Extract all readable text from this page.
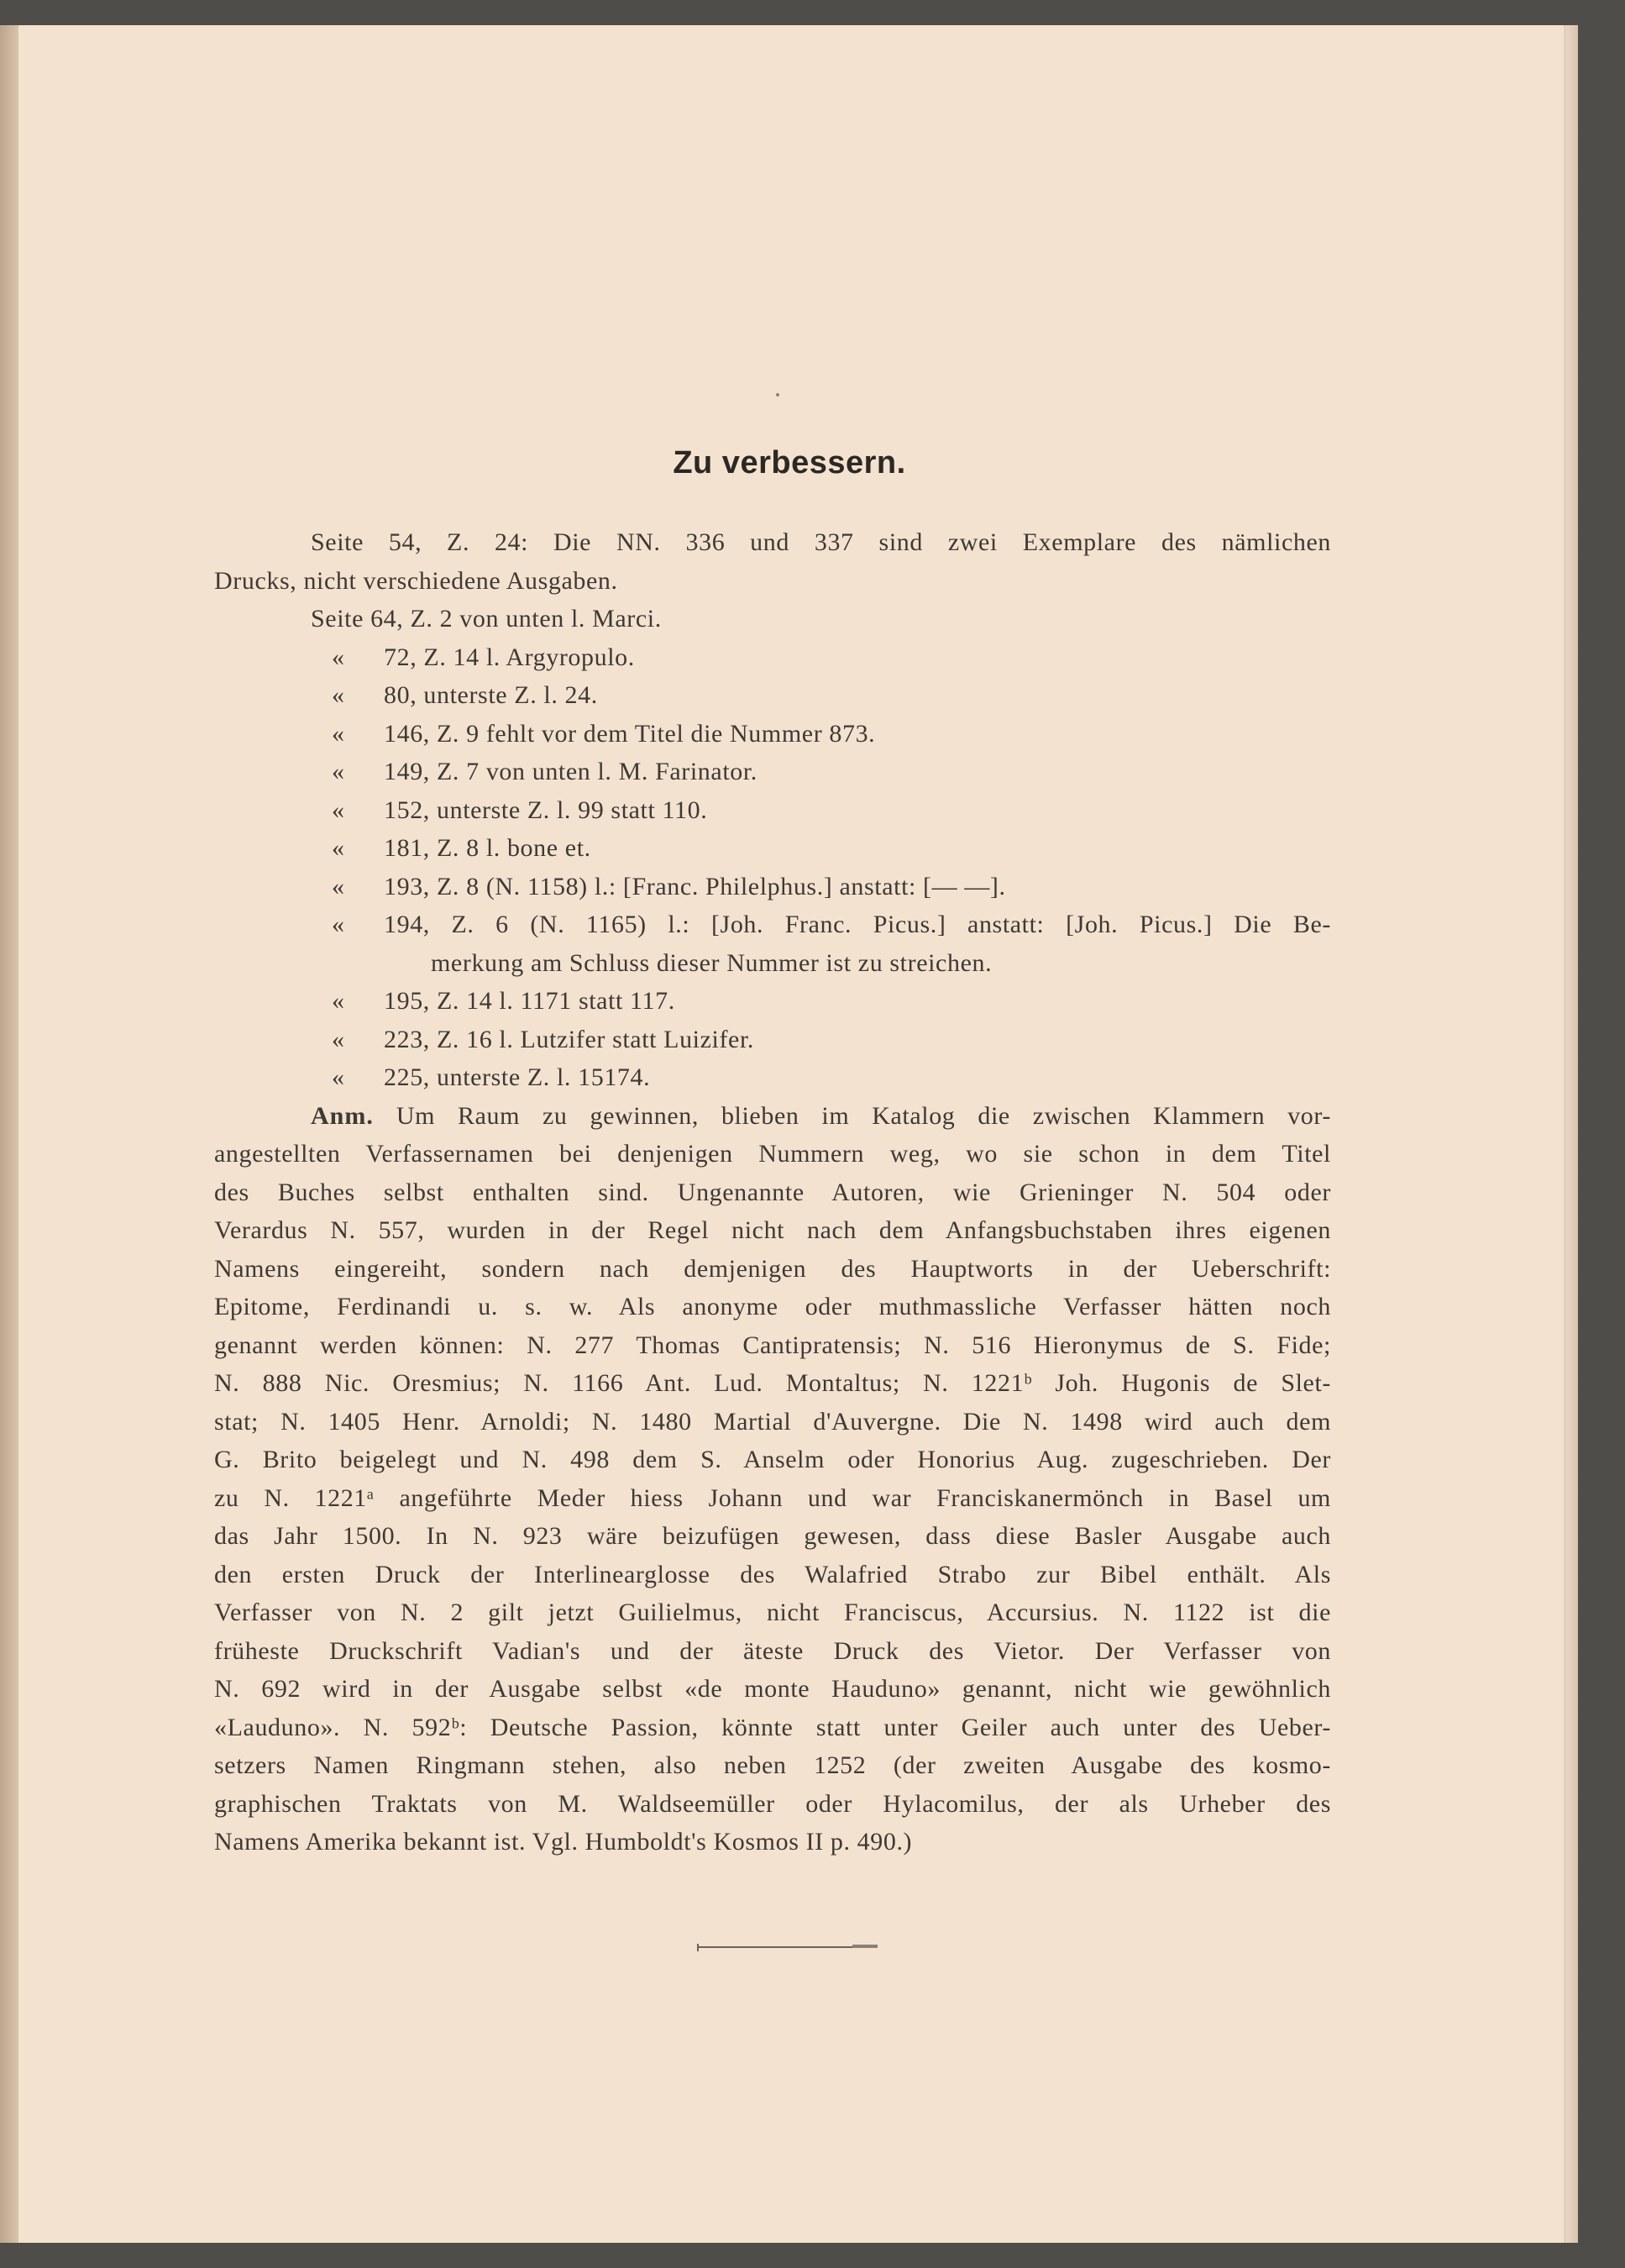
Zu verbessern.
Seite 54, Z. 24: Die NN. 336 und 337 sind zwei Exemplare des nämlichen
Drucks, nicht verschiedene Ausgaben.
Seite 64, Z. 2 von unten l. Marci.
« 72, Z. 14 l. Argyropulo.
« 80, unterste Z. l. 24.
« 146, Z. 9 fehlt vor dem Titel die Nummer 873.
« 149, Z. 7 von unten l. M. Farinator.
« 152, unterste Z. l. 99 statt 110.
« 181, Z. 8 l. bone et.
« 193, Z. 8 (N. 1158) l.: [Franc. Philelphus.] anstatt: [— —].
« 194, Z. 6 (N. 1165) l.: [Joh. Franc. Picus.] anstatt: [Joh. Picus.] Die Be-
merkung am Schluss dieser Nummer ist zu streichen.
« 195, Z. 14 l. 1171 statt 117.
« 223, Z. 16 l. Lutzifer statt Luizifer.
« 225, unterste Z. l. 15174.
Anm. Um Raum zu gewinnen, blieben im Katalog die zwischen Klammern vor-
angestellten Verfassernamen bei denjenigen Nummern weg, wo sie schon in dem Titel
des Buches selbst enthalten sind. Ungenannte Autoren, wie Grieninger N. 504 oder
Verardus N. 557, wurden in der Regel nicht nach dem Anfangsbuchstaben ihres eigenen
Namens eingereiht, sondern nach demjenigen des Hauptworts in der Ueberschrift:
Epitome, Ferdinandi u. s. w. Als anonyme oder muthmassliche Verfasser hätten noch
genannt werden können: N. 277 Thomas Cantipratensis; N. 516 Hieronymus de S. Fide;
N. 888 Nic. Oresmius; N. 1166 Ant. Lud. Montaltus; N. 1221ᵇ Joh. Hugonis de Slet-
stat; N. 1405 Henr. Arnoldi; N. 1480 Martial d'Auvergne. Die N. 1498 wird auch dem
G. Brito beigelegt und N. 498 dem S. Anselm oder Honorius Aug. zugeschrieben. Der
zu N. 1221ᵃ angeführte Meder hiess Johann und war Franciskanermönch in Basel um
das Jahr 1500. In N. 923 wäre beizufügen gewesen, dass diese Basler Ausgabe auch
den ersten Druck der Interlinearglosse des Walafried Strabo zur Bibel enthält. Als
Verfasser von N. 2 gilt jetzt Guilielmus, nicht Franciscus, Accursius. N. 1122 ist die
früheste Druckschrift Vadian's und der äteste Druck des Vietor. Der Verfasser von
N. 692 wird in der Ausgabe selbst «de monte Hauduno» genannt, nicht wie gewöhnlich
«Lauduno». N. 592ᵇ: Deutsche Passion, könnte statt unter Geiler auch unter des Ueber-
setzers Namen Ringmann stehen, also neben 1252 (der zweiten Ausgabe des kosmo-
graphischen Traktats von M. Waldseemüller oder Hylacomilus, der als Urheber des
Namens Amerika bekannt ist. Vgl. Humboldt's Kosmos II p. 490.)
